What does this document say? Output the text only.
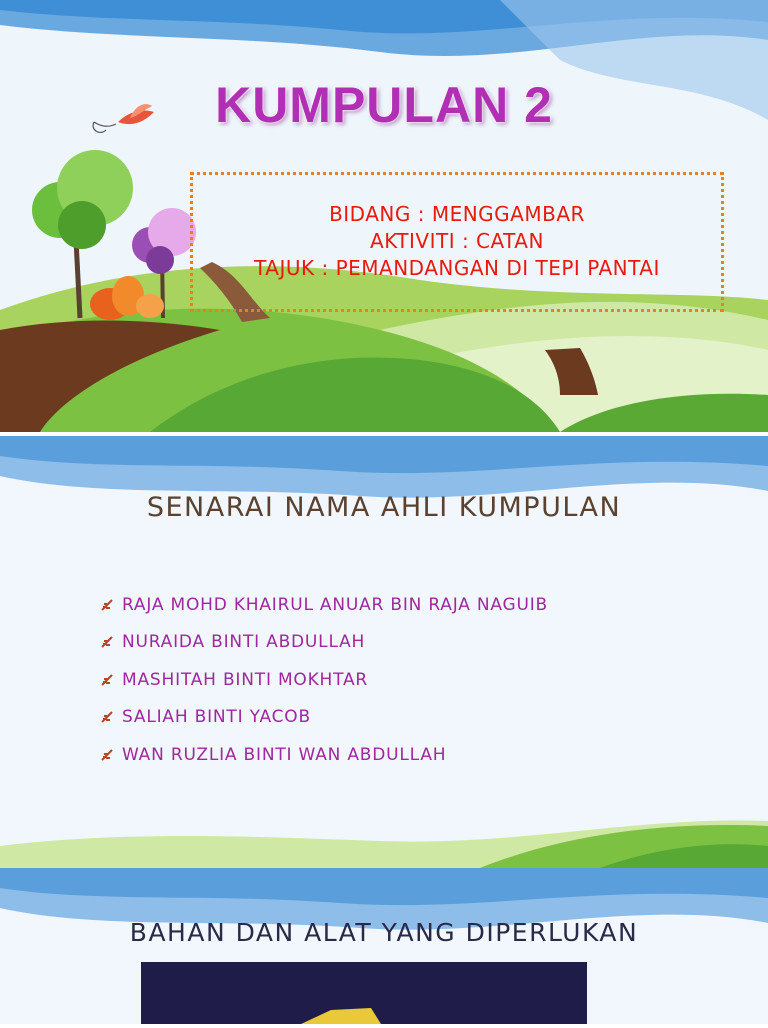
KUMPULAN 2
BIDANG : MENGGAMBAR
AKTIVITI : CATAN
TAJUK : PEMANDANGAN DI TEPI PANTAI
SENARAI NAMA AHLI KUMPULAN
RAJA MOHD KHAIRUL ANUAR BIN RAJA NAGUIB
NURAIDA BINTI ABDULLAH
MASHITAH BINTI MOKHTAR
SALIAH BINTI YACOB
WAN RUZLIA BINTI WAN ABDULLAH
BAHAN DAN ALAT YANG DIPERLUKAN
